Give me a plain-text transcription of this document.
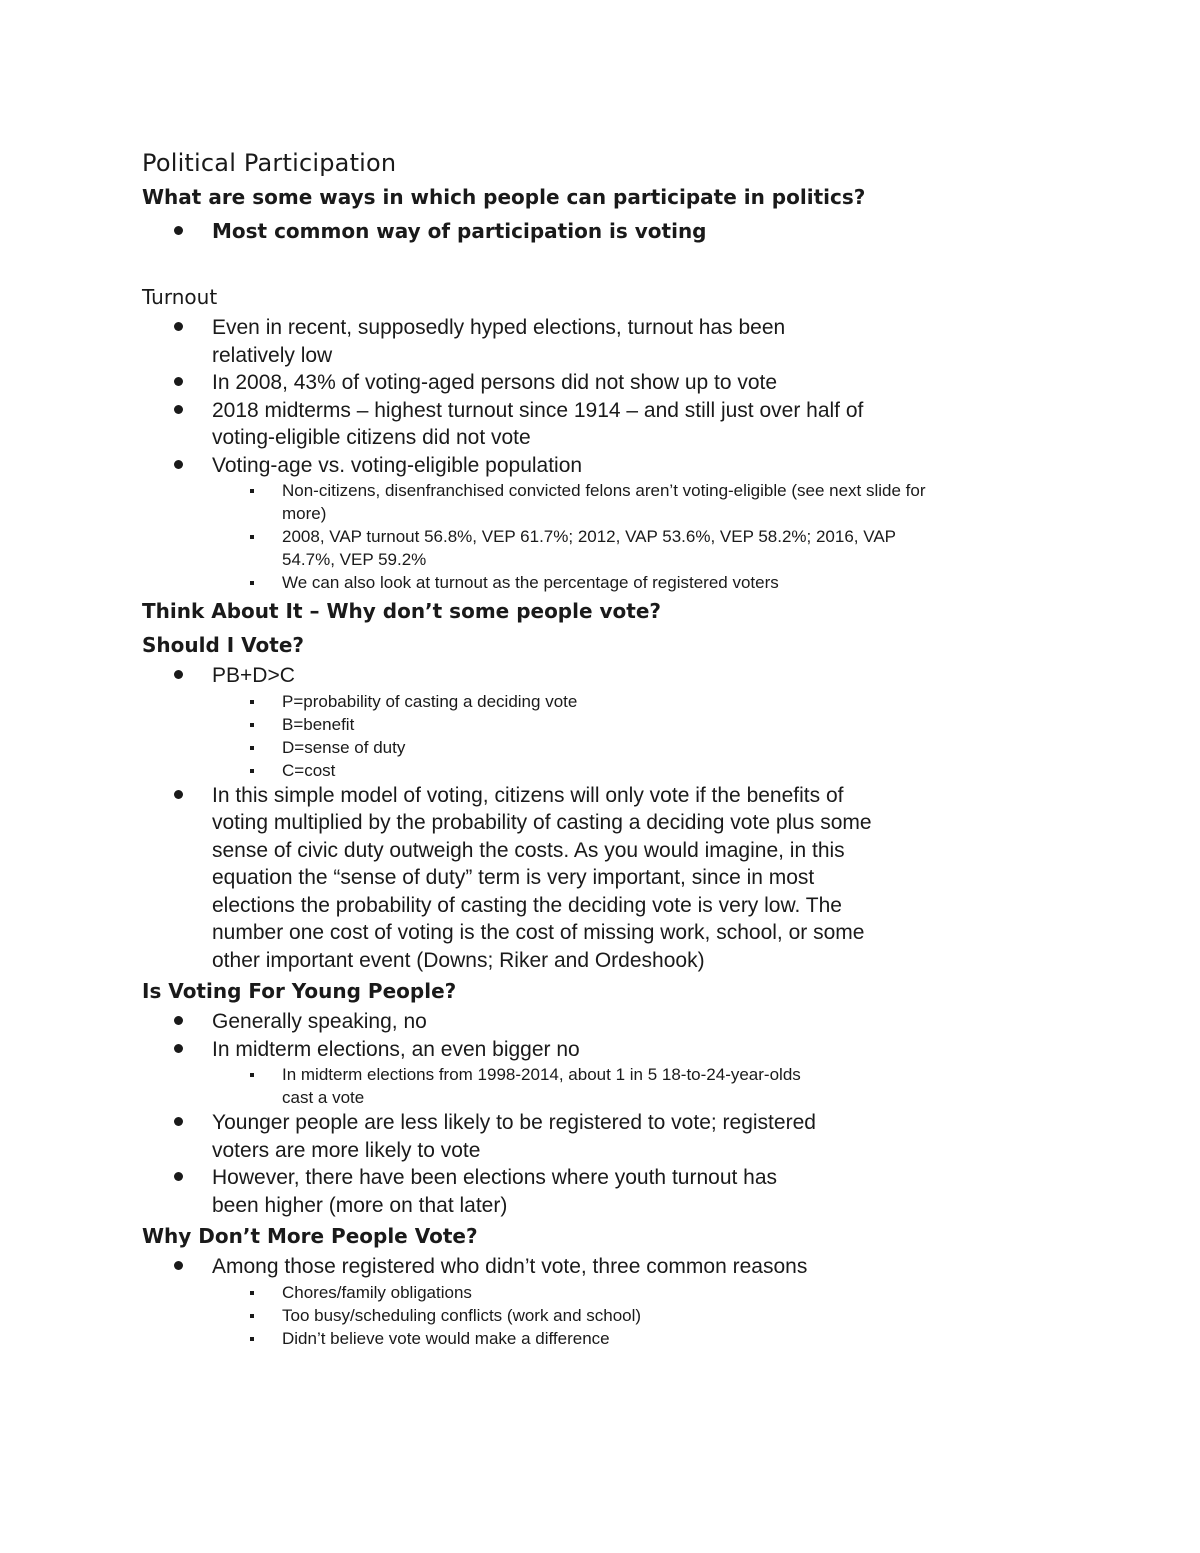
Political Participation
What are some ways in which people can participate in politics?
Most common way of participation is voting
Turnout
Even in recent, supposedly hyped elections, turnout has been relatively low
In 2008, 43% of voting-aged persons did not show up to vote
2018 midterms – highest turnout since 1914 – and still just over half of voting-eligible citizens did not vote
Voting-age vs. voting-eligible population
Non-citizens, disenfranchised convicted felons aren’t voting-eligible (see next slide for more)
2008, VAP turnout 56.8%, VEP 61.7%; 2012, VAP 53.6%, VEP 58.2%; 2016, VAP 54.7%, VEP 59.2%
We can also look at turnout as the percentage of registered voters
Think About It – Why don’t some people vote?
Should I Vote?
PB+D>C
P=probability of casting a deciding vote
B=benefit
D=sense of duty
C=cost
In this simple model of voting, citizens will only vote if the benefits of voting multiplied by the probability of casting a deciding vote plus some sense of civic duty outweigh the costs. As you would imagine, in this equation the “sense of duty” term is very important, since in most elections the probability of casting the deciding vote is very low. The number one cost of voting is the cost of missing work, school, or some other important event (Downs; Riker and Ordeshook)
Is Voting For Young People?
Generally speaking, no
In midterm elections, an even bigger no
In midterm elections from 1998-2014, about 1 in 5 18-to-24-year-olds cast a vote
Younger people are less likely to be registered to vote; registered voters are more likely to vote
However, there have been elections where youth turnout has been higher (more on that later)
Why Don’t More People Vote?
Among those registered who didn’t vote, three common reasons
Chores/family obligations
Too busy/scheduling conflicts (work and school)
Didn’t believe vote would make a difference
